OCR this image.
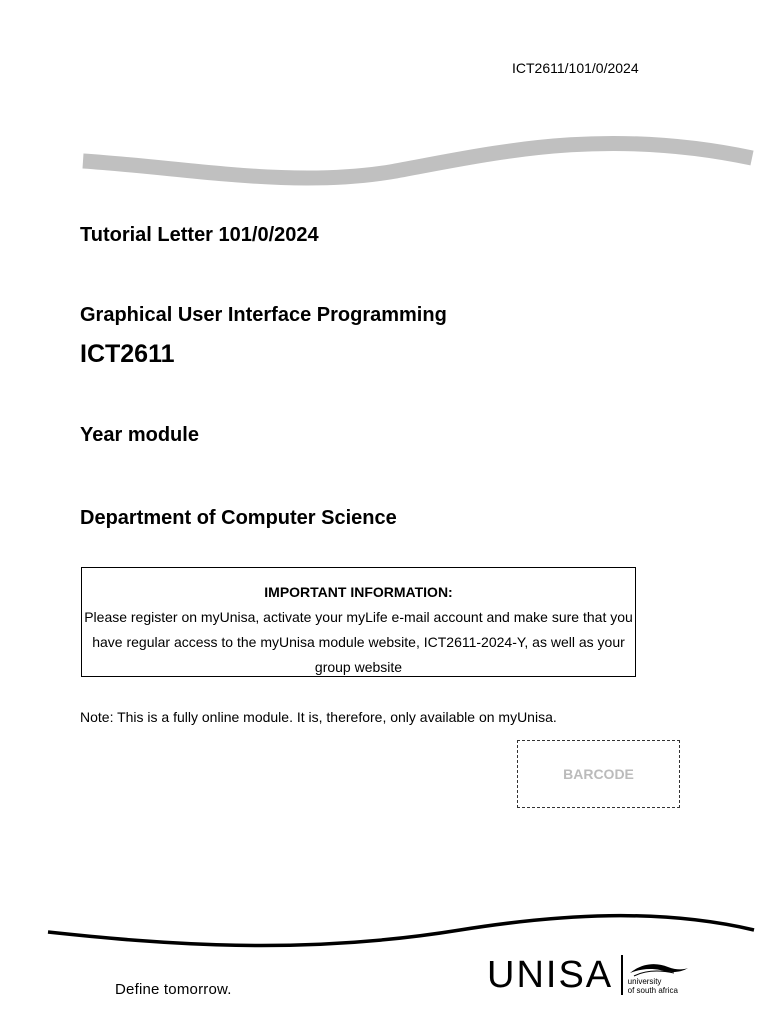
ICT2611/101/0/2024
Tutorial Letter 101/0/2024
Graphical User Interface Programming
ICT2611
Year module
Department of Computer Science
IMPORTANT INFORMATION:
Please register on myUnisa, activate your myLife e-mail account and make sure that you
have regular access to the myUnisa module website, ICT2611-2024-Y, as well as your
group website
Note: This is a fully online module. It is, therefore, only available on myUnisa.
BARCODE
Define tomorrow.	UNISA university
of south africa
